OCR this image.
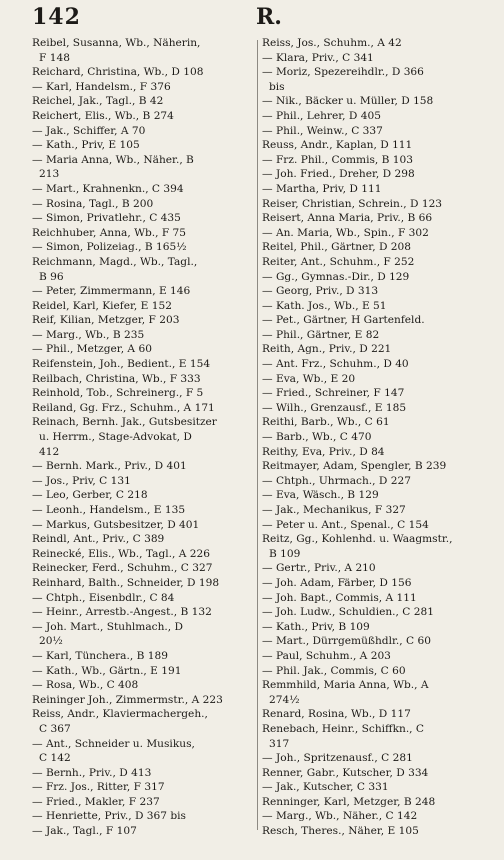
142	R.
Reibel, Susanna, Wb., Näherin,
F 148
Reichard, Christina, Wb., D 108
— Karl, Handelsm., F 376
Reichel, Jak., Tagl., B 42
Reichert, Elis., Wb., B 274
— Jak., Schiffer, A 70
— Kath., Priv, E 105
— Maria Anna, Wb., Näher., B
213
— Mart., Krahnenkn., C 394
— Rosina, Tagl., B 200
— Simon, Privatlehr., C 435
Reichhuber, Anna, Wb., F 75
— Simon, Polizeiag., B 165½
Reichmann, Magd., Wb., Tagl.,
B 96
— Peter, Zimmermann, E 146
Reidel, Karl, Kiefer, E 152
Reif, Kilian, Metzger, F 203
— Marg., Wb., B 235
— Phil., Metzger, A 60
Reifenstein, Joh., Bedient., E 154
Reilbach, Christina, Wb., F 333
Reinhold, Tob., Schreinerg., F 5
Reiland, Gg. Frz., Schuhm., A 171
Reinach, Bernh. Jak., Gutsbesitzer
u. Herrm., Stage-Advokat, D
412
— Bernh. Mark., Priv., D 401
— Jos., Priv, C 131
— Leo, Gerber, C 218
— Leonh., Handelsm., E 135
— Markus, Gutsbesitzer, D 401
Reindl, Ant., Priv., C 389
Reinecké, Elis., Wb., Tagl., A 226
Reinecker, Ferd., Schuhm., C 327
Reinhard, Balth., Schneider, D 198
— Chtph., Eisenbdlr., C 84
— Heinr., Arrestb.-Angest., B 132
— Joh. Mart., Stuhlmach., D
20½
— Karl, Tünchera., B 189
— Kath., Wb., Gärtn., E 191
— Rosa, Wb., C 408
Reininger Joh., Zimmermstr., A 223
Reiss, Andr., Klaviermachergeh.,
C 367
— Ant., Schneider u. Musikus,
C 142
— Bernh., Priv., D 413
— Frz. Jos., Ritter, F 317
— Fried., Makler, F 237
— Henriette, Priv., D 367 bis
— Jak., Tagl., F 107
Reiss, Jos., Schuhm., A 42
— Klara, Priv., C 341
— Moriz, Spezereihdlr., D 366
bis
— Nik., Bäcker u. Müller, D 158
— Phil., Lehrer, D 405
— Phil., Weinw., C 337
Reuss, Andr., Kaplan, D 111
— Frz. Phil., Commis, B 103
— Joh. Fried., Dreher, D 298
— Martha, Priv, D 111
Reiser, Christian, Schrein., D 123
Reisert, Anna Maria, Priv., B 66
— An. Maria, Wb., Spin., F 302
Reitel, Phil., Gärtner, D 208
Reiter, Ant., Schuhm., F 252
— Gg., Gymnas.-Dir., D 129
— Georg, Priv., D 313
— Kath. Jos., Wb., E 51
— Pet., Gärtner, H Gartenfeld.
— Phil., Gärtner, E 82
Reith, Agn., Priv., D 221
— Ant. Frz., Schuhm., D 40
— Eva, Wb., E 20
— Fried., Schreiner, F 147
— Wilh., Grenzausf., E 185
Reithi, Barb., Wb., C 61
— Barb., Wb., C 470
Reithy, Eva, Priv., D 84
Reitmayer, Adam, Spengler, B 239
— Chtph., Uhrmach., D 227
— Eva, Wäsch., B 129
— Jak., Mechanikus, F 327
— Peter u. Ant., Spenal., C 154
Reitz, Gg., Kohlenhd. u. Waagmstr.,
B 109
— Gertr., Priv., A 210
— Joh. Adam, Färber, D 156
— Joh. Bapt., Commis, A 111
— Joh. Ludw., Schuldien., C 281
— Kath., Priv, B 109
— Mart., Dürrgemüßhdlr., C 60
— Paul, Schuhm., A 203
— Phil. Jak., Commis, C 60
Remmhild, Maria Anna, Wb., A
274½
Renard, Rosina, Wb., D 117
Renebach, Heinr., Schiffkn., C
317
— Joh., Spritzenausf., C 281
Renner, Gabr., Kutscher, D 334
— Jak., Kutscher, C 331
Renninger, Karl, Metzger, B 248
— Marg., Wb., Näher., C 142
Resch, Theres., Näher, E 105
